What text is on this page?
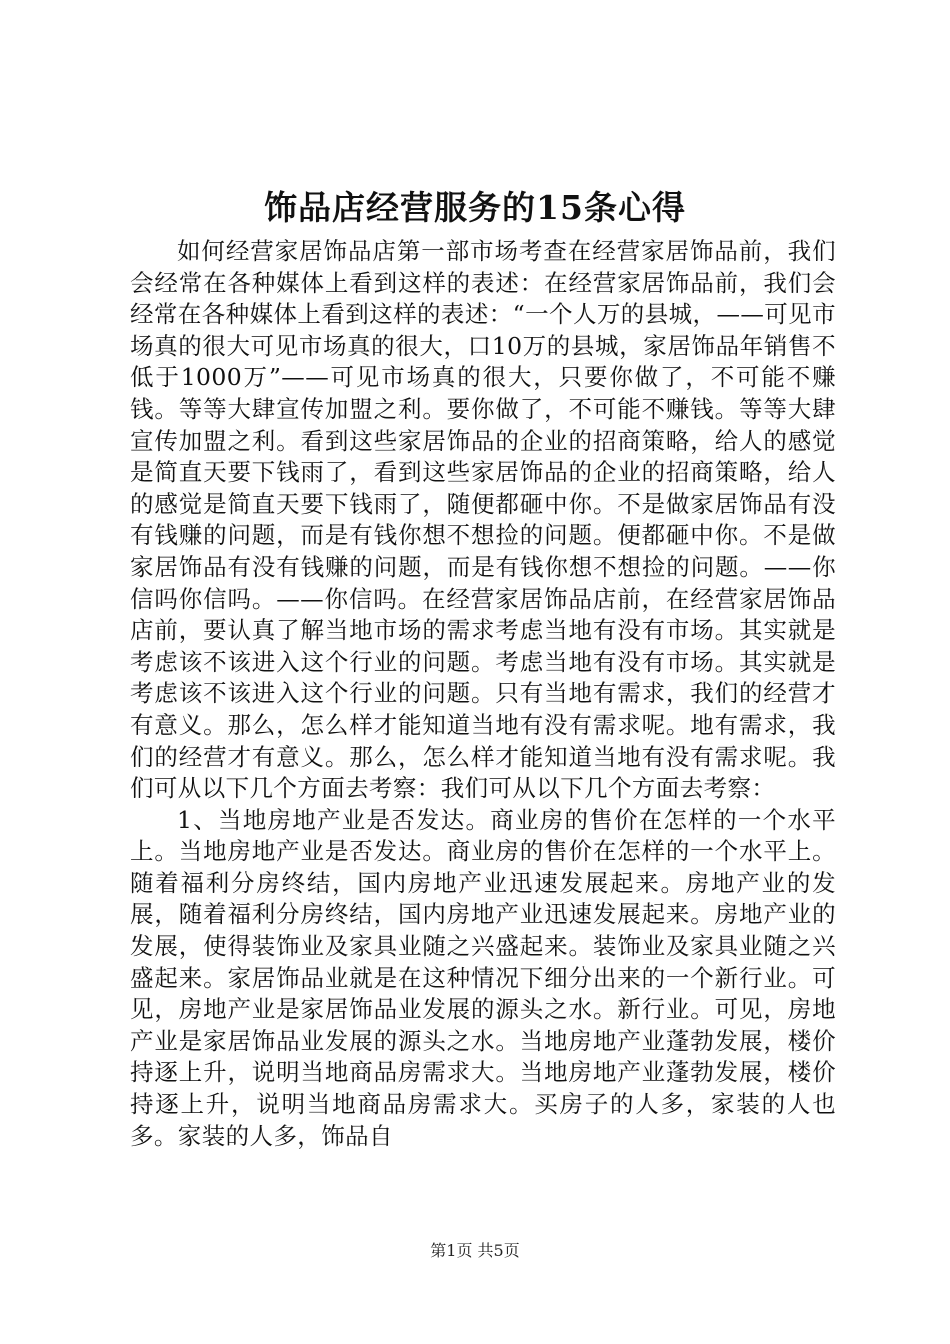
饰品店经营服务的15条心得

如何经营家居饰品店第一部市场考查在经营家居饰品前，我们会经常在各种媒体上看到这样的表述：在经营家居饰品前，我们会经常在各种媒体上看到这样的表述：“一个人万的县城，——可见市场真的很大可见市场真的很大，口10万的县城，家居饰品年销售不低于1000万”——可见市场真的很大，只要你做了，不可能不赚钱。等等大肆宣传加盟之利。要你做了，不可能不赚钱。等等大肆宣传加盟之利。看到这些家居饰品的企业的招商策略，给人的感觉是简直天要下钱雨了，看到这些家居饰品的企业的招商策略，给人的感觉是简直天要下钱雨了，随便都砸中你。不是做家居饰品有没有钱赚的问题，而是有钱你想不想捡的问题。便都砸中你。不是做家居饰品有没有钱赚的问题，而是有钱你想不想捡的问题。——你信吗你信吗。——你信吗。在经营家居饰品店前，在经营家居饰品店前，要认真了解当地市场的需求考虑当地有没有市场。其实就是考虑该不该进入这个行业的问题。考虑当地有没有市场。其实就是考虑该不该进入这个行业的问题。只有当地有需求，我们的经营才有意义。那么，怎么样才能知道当地有没有需求呢。地有需求，我们的经营才有意义。那么，怎么样才能知道当地有没有需求呢。我们可从以下几个方面去考察：我们可从以下几个方面去考察：

1、当地房地产业是否发达。商业房的售价在怎样的一个水平上。当地房地产业是否发达。商业房的售价在怎样的一个水平上。随着福利分房终结，国内房地产业迅速发展起来。房地产业的发展，随着福利分房终结，国内房地产业迅速发展起来。房地产业的发展，使得装饰业及家具业随之兴盛起来。装饰业及家具业随之兴盛起来。家居饰品业就是在这种情况下细分出来的一个新行业。可见，房地产业是家居饰品业发展的源头之水。新行业。可见，房地产业是家居饰品业发展的源头之水。当地房地产业蓬勃发展，楼价持逐上升，说明当地商品房需求大。当地房地产业蓬勃发展，楼价持逐上升，说明当地商品房需求大。买房子的人多，家装的人也多。家装的人多，饰品自

第1页 共5页
